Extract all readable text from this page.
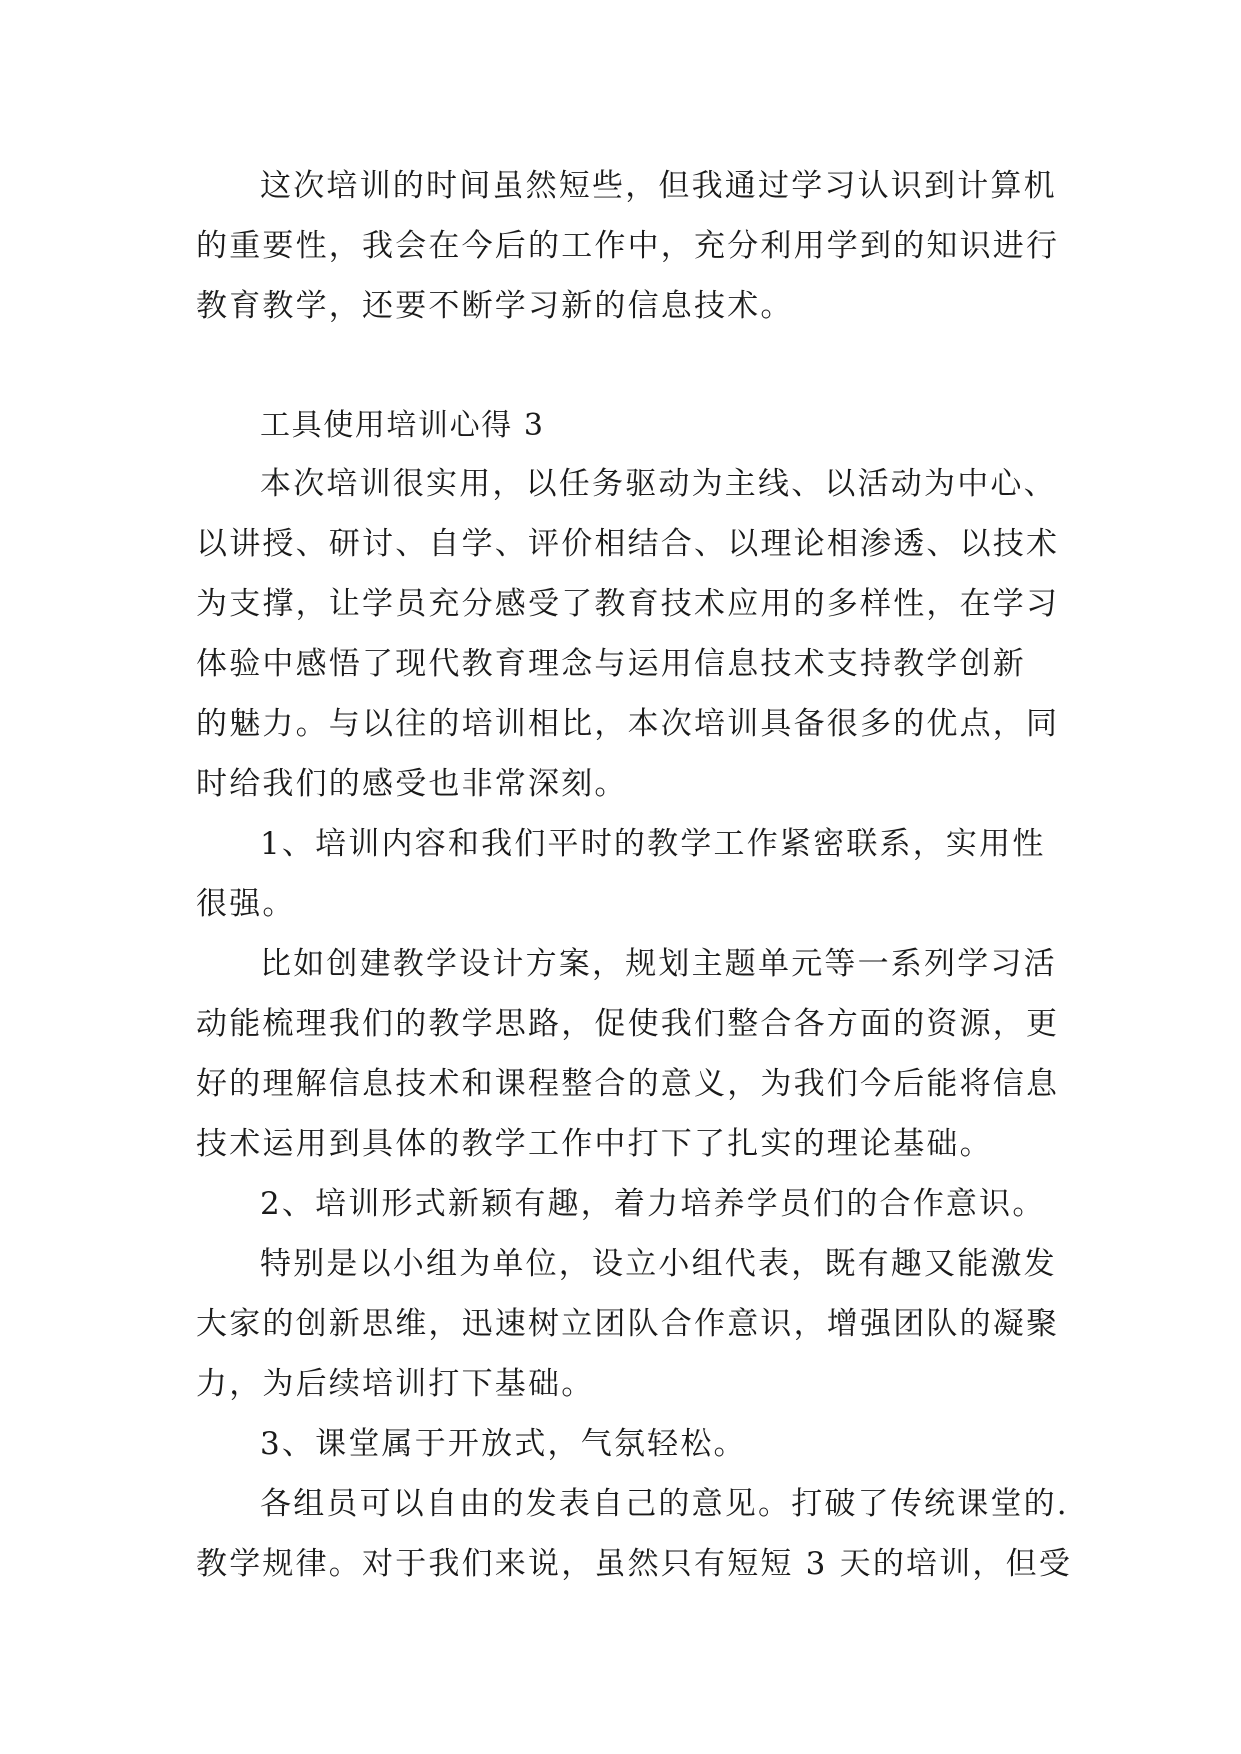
这次培训的时间虽然短些，但我通过学习认识到计算机
的重要性，我会在今后的工作中，充分利用学到的知识进行
教育教学，还要不断学习新的信息技术。
工具使用培训心得 3
本次培训很实用，以任务驱动为主线、以活动为中心、
以讲授、研讨、自学、评价相结合、以理论相渗透、以技术
为支撑，让学员充分感受了教育技术应用的多样性，在学习
体验中感悟了现代教育理念与运用信息技术支持教学创新
的魅力。与以往的培训相比，本次培训具备很多的优点，同
时给我们的感受也非常深刻。
1、培训内容和我们平时的教学工作紧密联系，实用性
很强。
比如创建教学设计方案，规划主题单元等一系列学习活
动能梳理我们的教学思路，促使我们整合各方面的资源，更
好的理解信息技术和课程整合的意义，为我们今后能将信息
技术运用到具体的教学工作中打下了扎实的理论基础。
2、培训形式新颖有趣，着力培养学员们的合作意识。
特别是以小组为单位，设立小组代表，既有趣又能激发
大家的创新思维，迅速树立团队合作意识，增强团队的凝聚
力，为后续培训打下基础。
3、课堂属于开放式，气氛轻松。
各组员可以自由的发表自己的意见。打破了传统课堂的.
教学规律。对于我们来说，虽然只有短短 3 天的培训，但受
